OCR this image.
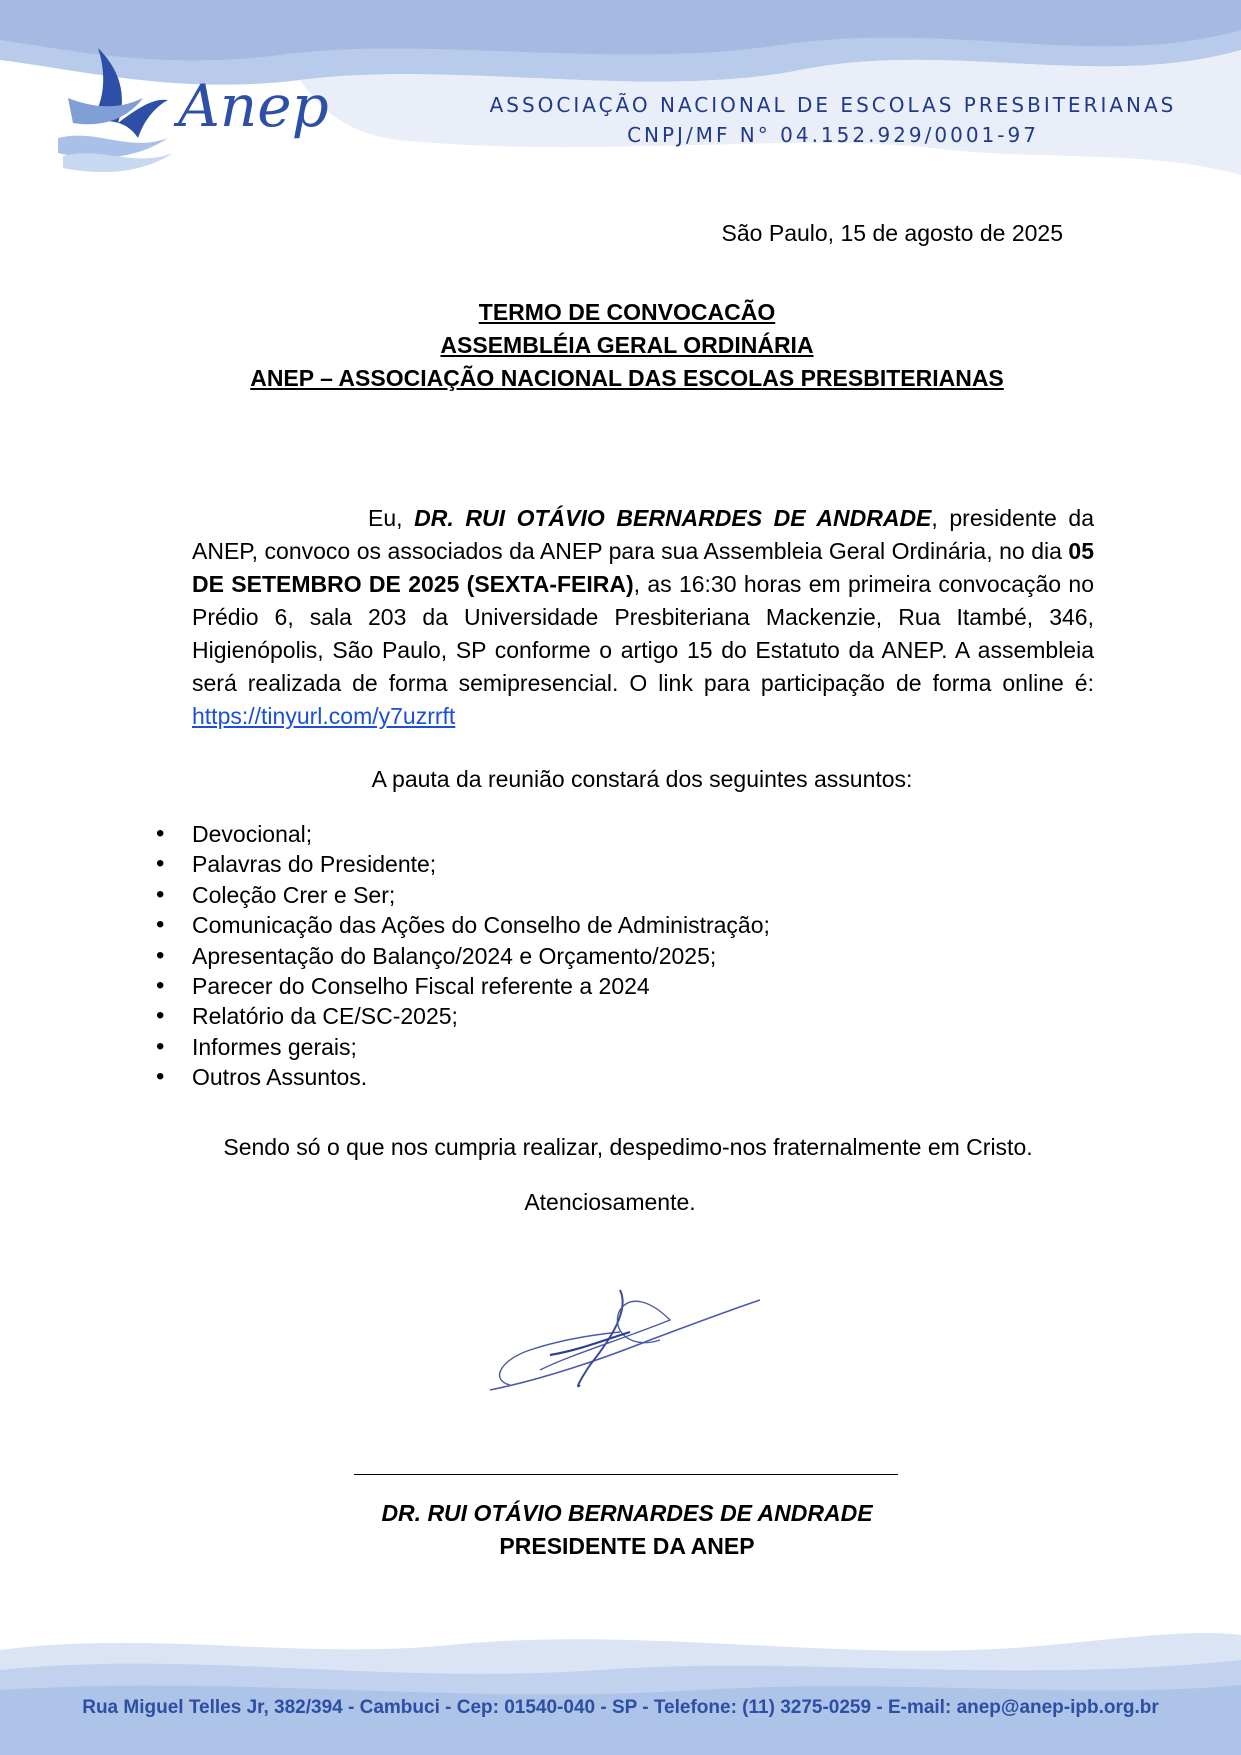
Anep	ASSOCIAÇÃO NACIONAL DE ESCOLAS PRESBITERIANAS
CNPJ/MF N° 04.152.929/0001-97
São Paulo, 15 de agosto de 2025
TERMO DE CONVOCACÃO
ASSEMBLÉIA GERAL ORDINÁRIA
ANEP – ASSOCIAÇÃO NACIONAL DAS ESCOLAS PRESBITERIANAS
Eu, DR. RUI OTÁVIO BERNARDES DE ANDRADE, presidente da ANEP, convoco os associados da ANEP para sua Assembleia Geral Ordinária, no dia 05 DE SETEMBRO DE 2025 (SEXTA-FEIRA), as 16:30 horas em primeira convocação no Prédio 6, sala 203 da Universidade Presbiteriana Mackenzie, Rua Itambé, 346, Higienópolis, São Paulo, SP conforme o artigo 15 do Estatuto da ANEP. A assembleia será realizada de forma semipresencial. O link para participação de forma online é: https://tinyurl.com/y7uzrrft
A pauta da reunião constará dos seguintes assuntos:
• Devocional;
• Palavras do Presidente;
• Coleção Crer e Ser;
• Comunicação das Ações do Conselho de Administração;
• Apresentação do Balanço/2024 e Orçamento/2025;
• Parecer do Conselho Fiscal referente a 2024
• Relatório da CE/SC-2025;
• Informes gerais;
• Outros Assuntos.
Sendo só o que nos cumpria realizar, despedimo-nos fraternalmente em Cristo.
Atenciosamente.
DR. RUI OTÁVIO BERNARDES DE ANDRADE
PRESIDENTE DA ANEP
Rua Miguel Telles Jr, 382/394 - Cambuci - Cep: 01540-040 - SP - Telefone: (11) 3275-0259 - E-mail: anep@anep-ipb.org.br
